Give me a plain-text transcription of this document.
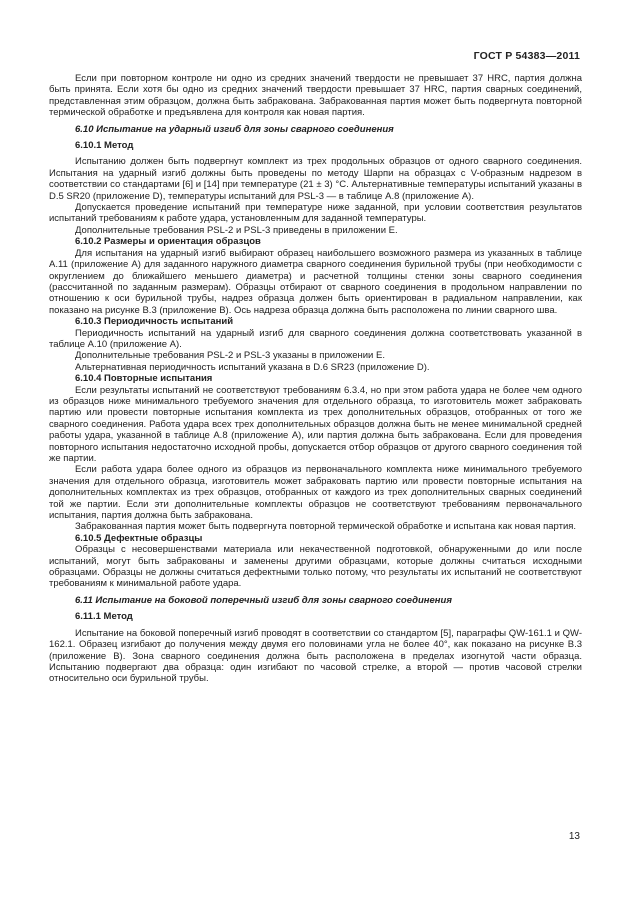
ГОСТ Р 54383—2011

Если при повторном контроле ни одно из средних значений твердости не превышает 37 HRC, партия должна быть принята. Если хотя бы одно из средних значений твердости превышает 37 HRC, партия сварных соединений, представленная этим образцом, должна быть забракована. Забракованная партия может быть подвергнута повторной термической обработке и предъявлена для контроля как новая партия.

6.10 Испытание на ударный изгиб для зоны сварного соединения

6.10.1 Метод

Испытанию должен быть подвергнут комплект из трех продольных образцов от одного сварного соединения. Испытания на ударный изгиб должны быть проведены по методу Шарпи на образцах с V-образным надрезом в соответствии со стандартами [6] и [14] при температуре (21 ± 3) °С. Альтернативные температуры испытаний указаны в D.5 SR20 (приложение D), температуры испытаний для PSL-3 — в таблице А.8 (приложение А).

Допускается проведение испытаний при температуре ниже заданной, при условии соответствия результатов испытаний требованиям к работе удара, установленным для заданной температуры.

Дополнительные требования PSL-2 и PSL-3 приведены в приложении Е.

6.10.2 Размеры и ориентация образцов

Для испытания на ударный изгиб выбирают образец наибольшего возможного размера из указанных в таблице А.11 (приложение А) для заданного наружного диаметра сварного соединения бурильной трубы (при необходимости с округлением до ближайшего меньшего диаметра) и расчетной толщины стенки зоны сварного соединения (рассчитанной по заданным размерам). Образцы отбирают от сварного соединения в продольном направлении по отношению к оси бурильной трубы, надрез образца должен быть ориентирован в радиальном направлении, как показано на рисунке В.3 (приложение В). Ось надреза образца должна быть расположена по линии сварного шва.

6.10.3 Периодичность испытаний

Периодичность испытаний на ударный изгиб для сварного соединения должна соответствовать указанной в таблице А.10 (приложение А).

Дополнительные требования PSL-2 и PSL-3 указаны в приложении Е.

Альтернативная периодичность испытаний указана в D.6 SR23 (приложение D).

6.10.4 Повторные испытания

Если результаты испытаний не соответствуют требованиям 6.3.4, но при этом работа удара не более чем одного из образцов ниже минимального требуемого значения для отдельного образца, то изготовитель может забраковать партию или провести повторные испытания комплекта из трех дополнительных образцов, отобранных от того же сварного соединения. Работа удара всех трех дополнительных образцов должна быть не менее минимальной средней работы удара, указанной в таблице А.8 (приложение А), или партия должна быть забракована. Если для проведения повторного испытания недостаточно исходной пробы, допускается отбор образцов от другого сварного соединения той же партии.

Если работа удара более одного из образцов из первоначального комплекта ниже минимального требуемого значения для отдельного образца, изготовитель может забраковать партию или провести повторные испытания на дополнительных комплектах из трех образцов, отобранных от каждого из трех дополнительных сварных соединений той же партии. Если эти дополнительные комплекты образцов не соответствуют требованиям первоначального испытания, партия должна быть забракована.

Забракованная партия может быть подвергнута повторной термической обработке и испытана как новая партия.

6.10.5 Дефектные образцы

Образцы с несовершенствами материала или некачественной подготовкой, обнаруженными до или после испытаний, могут быть забракованы и заменены другими образцами, которые должны считаться исходными образцами. Образцы не должны считаться дефектными только потому, что результаты их испытаний не соответствуют требованиям к минимальной работе удара.

6.11 Испытание на боковой поперечный изгиб для зоны сварного соединения

6.11.1 Метод

Испытание на боковой поперечный изгиб проводят в соответствии со стандартом [5], параграфы QW-161.1 и QW-162.1. Образец изгибают до получения между двумя его половинами угла не более 40°, как показано на рисунке В.3 (приложение В). Зона сварного соединения должна быть расположена в пределах изогнутой части образца. Испытанию подвергают два образца: один изгибают по часовой стрелке, а второй — против часовой стрелки относительно оси бурильной трубы.

13
